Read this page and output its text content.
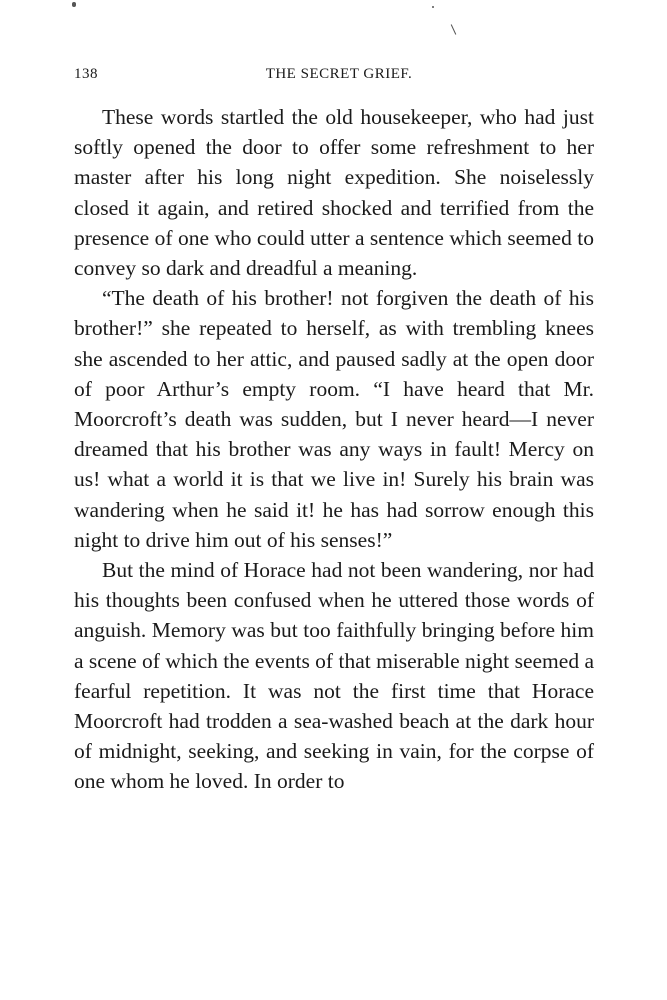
138	THE SECRET GRIEF.

These words startled the old housekeeper, who had just softly opened the door to offer some refreshment to her master after his long night expedition. She noiselessly closed it again, and retired shocked and terrified from the presence of one who could utter a sentence which seemed to convey so dark and dreadful a meaning.

“The death of his brother! not forgiven the death of his brother!” she repeated to herself, as with trembling knees she ascended to her attic, and paused sadly at the open door of poor Arthur’s empty room. “I have heard that Mr. Moorcroft’s death was sudden, but I never heard—I never dreamed that his brother was any ways in fault! Mercy on us! what a world it is that we live in! Surely his brain was wandering when he said it! he has had sorrow enough this night to drive him out of his senses!”

But the mind of Horace had not been wandering, nor had his thoughts been confused when he uttered those words of anguish. Memory was but too faithfully bringing before him a scene of which the events of that miserable night seemed a fearful repetition. It was not the first time that Horace Moorcroft had trodden a sea-washed beach at the dark hour of midnight, seeking, and seeking in vain, for the corpse of one whom he loved. In order to
